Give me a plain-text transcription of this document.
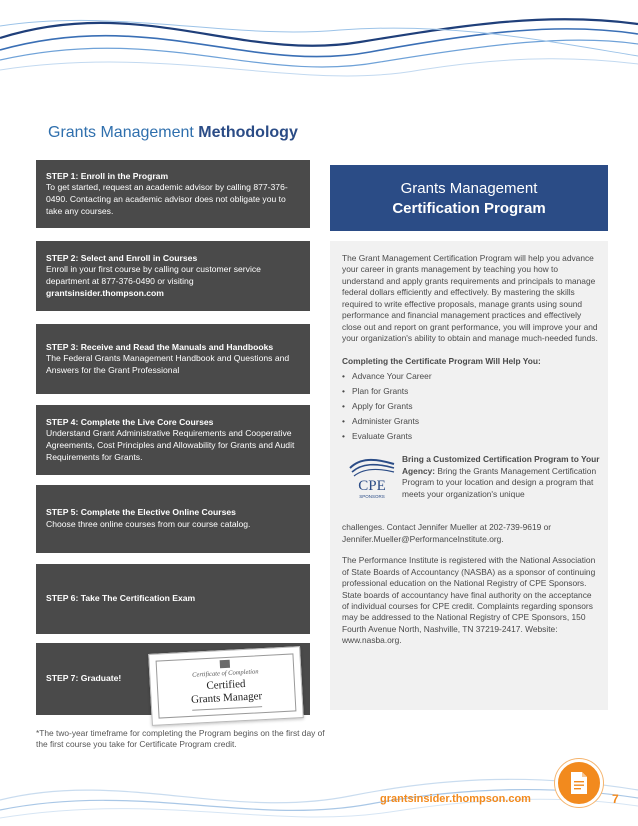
Grants Management Methodology
STEP 1: Enroll in the Program
To get started, request an academic advisor by calling 877-376-0490. Contacting an academic advisor does not obligate you to take any courses.
STEP 2: Select and Enroll in Courses
Enroll in your first course by calling our customer service department at 877-376-0490 or visiting grantsinsider.thompson.com
STEP 3: Receive and Read the Manuals and Handbooks
The Federal Grants Management Handbook and Questions and Answers for the Grant Professional
STEP 4: Complete the Live Core Courses
Understand Grant Administrative Requirements and Cooperative Agreements, Cost Principles and Allowability for Grants and Audit Requirements for Grants.
STEP 5: Complete the Elective Online Courses
Choose three online courses from our course catalog.
STEP 6: Take The Certification Exam
STEP 7: Graduate!	Certificate of Completion
Certified
Grants Manager
*The two-year timeframe for completing the Program begins on the first day of the first course you take for Certificate Program credit.
Grants Management
Certification Program
The Grant Management Certification Program will help you advance your career in grants management by teaching you how to understand and apply grants requirements and principals to manage federal dollars efficiently and effectively. By mastering the skills required to write effective proposals, manage grants using sound performance and financial management practices and effectively close out and report on grant performance, you will improve your and your organization's ability to obtain and manage much-needed funds.
Completing the Certificate Program Will Help You:
• Advance Your Career
• Plan for Grants
• Apply for Grants
• Administer Grants
• Evaluate Grants
CPE
SPONSORS
Bring a Customized Certification Program to Your Agency: Bring the Grants Management Certification Program to your location and design a program that meets your organization's unique
challenges. Contact Jennifer Mueller at 202-739-9619 or Jennifer.Mueller@PerformanceInstitute.org.
The Performance Institute is registered with the National Association of State Boards of Accountancy (NASBA) as a sponsor of continuing professional education on the National Registry of CPE Sponsors. State boards of accountancy have final authority on the acceptance of individual courses for CPE credit. Complaints regarding sponsors may be addressed to the National Registry of CPE Sponsors, 150 Fourth Avenue North, Nashville, TN 37219-2417. Website: www.nasba.org.
grantsinsider.thompson.com	7
